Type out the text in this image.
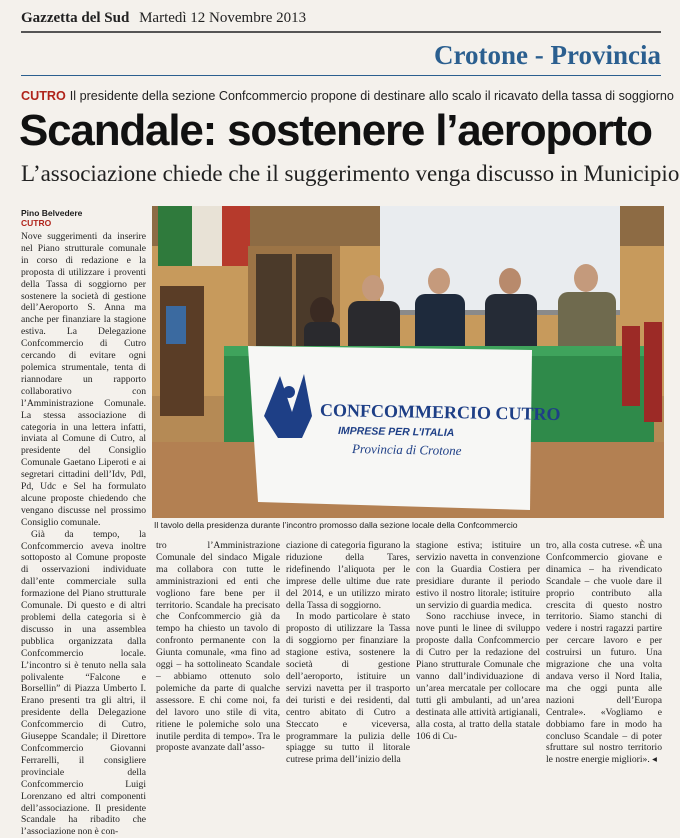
Gazzetta del Sud Martedì 12 Novembre 2013
Crotone - Provincia
CUTRO Il presidente della sezione Confcommercio propone di destinare allo scalo il ricavato della tassa di soggiorno
Scandale: sostenere l’aeroporto
L’associazione chiede che il suggerimento venga discusso in Municipio
Pino Belvedere
CUTRO

Nove suggerimenti da inserire nel Piano strutturale comunale in corso di redazione e la proposta di utilizzare i proventi della Tassa di soggiorno per sostenere la società di gestione dell’Aeroporto S. Anna ma anche per finanziare la stagione estiva. La Delegazione Confcommercio di Cutro cercando di evitare ogni polemica strumentale, tenta di riannodare un rapporto collaborativo con l’Amministrazione Comunale. La stessa associazione di categoria in una lettera infatti, inviata al Comune di Cutro, al presidente del Consiglio Comunale Gaetano Liperoti e ai segretari cittadini dell’Idv, Pdl, Pd, Udc e Sel ha formulato alcune proposte chiedendo che vengano discusse nel prossimo Consiglio comunale.

Già da tempo, la Confcommercio aveva inoltre sottoposto al Comune proposte di osservazioni individuate dall’ente commerciale sulla formazione del Piano strutturale Comunale. Di questo e di altri problemi della categoria si è discusso in una assemblea pubblica organizzata dalla Confcommercio locale. L’incontro si è tenuto nella sala polivalente “Falcone e Borsellin” di Piazza Umberto I. Erano presenti tra gli altri, il presidente della Delegazione Confcommercio di Cutro, Giuseppe Scandale; il Direttore Confcommercio Giovanni Ferrarelli, il consigliere provinciale della Confcommercio Luigi Lorenzano ed altri componenti dell’associazione. Il presidente Scandale ha ribadito che l’associazione non è con-

CONFCOMMERCIO CUTRO
IMPRESE PER L’ITALIA
Provincia di Crotone
Il tavolo della presidenza durante l’incontro promosso dalla sezione locale della Confcommercio

tro l’Amministrazione Comunale del sindaco Migale ma collabora con tutte le amministrazioni ed enti che vogliono fare bene per il territorio. Scandale ha precisato che Confcommercio già da tempo ha chiesto un tavolo di confronto permanente con la Giunta comunale, «ma fino ad oggi – ha sottolineato Scandale – abbiamo ottenuto solo polemiche da parte di qualche assessore. E chi come noi, fa del lavoro uno stile di vita, ritiene le polemiche solo una inutile perdita di tempo». Tra le proposte avanzate dall’asso-

ciazione di categoria figurano la riduzione della Tares, ridefinendo l’aliquota per le imprese delle ultime due rate del 2014, e un utilizzo mirato della Tassa di soggiorno.

In modo particolare è stato proposto di utilizzare la Tassa di soggiorno per finanziare la stagione estiva, sostenere la società di gestione dell’aeroporto, istituire un servizi navetta per il trasporto dei turisti e dei residenti, dal centro abitato di Cutro a Steccato e viceversa, programmare la pulizia delle spiagge su tutto il litorale cutrese prima dell’inizio della

stagione estiva; istituire un servizio navetta in convenzione con la Guardia Costiera per presidiare durante il periodo estivo il nostro litorale; istituire un servizio di guardia medica.

Sono racchiuse invece, in nove punti le linee di sviluppo proposte dalla Confcommercio di Cutro per la redazione del Piano strutturale Comunale che vanno dall’individuazione di un’area mercatale per collocare tutti gli ambulanti, ad un’area destinata alle attività artigianali, alla costa, al tratto della statale 106 di Cu-

tro, alla costa cutrese. «È una Confcommercio giovane e dinamica – ha rivendicato Scandale – che vuole dare il proprio contributo alla crescita di questo nostro territorio. Siamo stanchi di vedere i nostri ragazzi partire per cercare lavoro e per costruirsi un futuro. Una migrazione che una volta andava verso il Nord Italia, ma che oggi punta alle nazioni dell’Europa Centrale». «Vogliamo e dobbiamo fare in modo ha concluso Scandale – di poter sfruttare sul nostro territorio le nostre energie migliori». ◂
